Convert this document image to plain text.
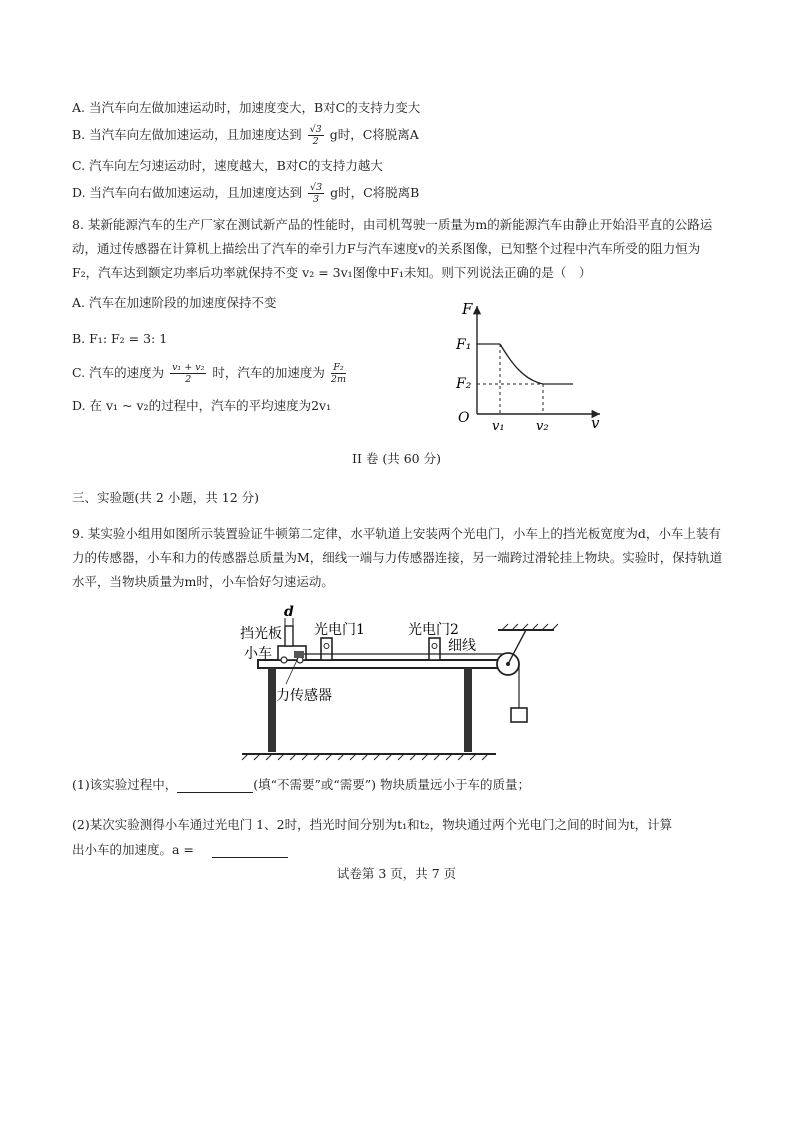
A. 当汽车向左做加速运动时，加速度变大，B对C的支持力变大
B. 当汽车向左做加速运动，且加速度达到 $\frac{√3}{2}$ g时，C将脱离A
C. 汽车向左匀速运动时，速度越大，B对C的支持力越大
D. 当汽车向右做加速运动，且加速度达到 $\frac{√3}{3}$ g时，C将脱离B
8. 某新能源汽车的生产厂家在测试新产品的性能时，由司机驾驶一质量为m的新能源汽车由静止开始沿平直的公路运动，通过传感器在计算机上描绘出了汽车的牵引力F与汽车速度v的关系图像，已知整个过程中汽车所受的阻力恒为F₂，汽车达到额定功率后功率就保持不变 v₂ = 3v₁图像中F₁未知。则下列说法正确的是（　）
A. 汽车在加速阶段的加速度保持不变
B. F₁: F₂ = 3: 1
C. 汽车的速度为 $\frac{\text{v₁ + v₂}}{2}$ 时，汽车的加速度为 $\frac{\text{F₂}}{2m}$
D. 在 v₁ ~ v₂的过程中，汽车的平均速度为2v₁
F
v
O
F₁
F₂
v₁ v₂
II 卷 (共 60 分)
三、实验题(共 2 小题，共 12 分)
9. 某实验小组用如图所示装置验证牛顿第二定律，水平轨道上安装两个光电门，小车上的挡光板宽度为d，小车上装有力的传感器，小车和力的传感器总质量为M，细线一端与力传感器连接，另一端跨过滑轮挂上物块。实验时，保持轨道水平，当物块质量为m时，小车恰好匀速运动。
d
挡光板
小车
光电门1	光电门2
细线
力传感器
(1)该实验过程中，	(填“不需要”或“需要”) 物块质量远小于车的质量；
(2)某次实验测得小车通过光电门 1、2时，挡光时间分别为t₁和t₂，物块通过两个光电门之间的时间为t，计算
出小车的加速度。a =
试卷第 3 页，共 7 页
